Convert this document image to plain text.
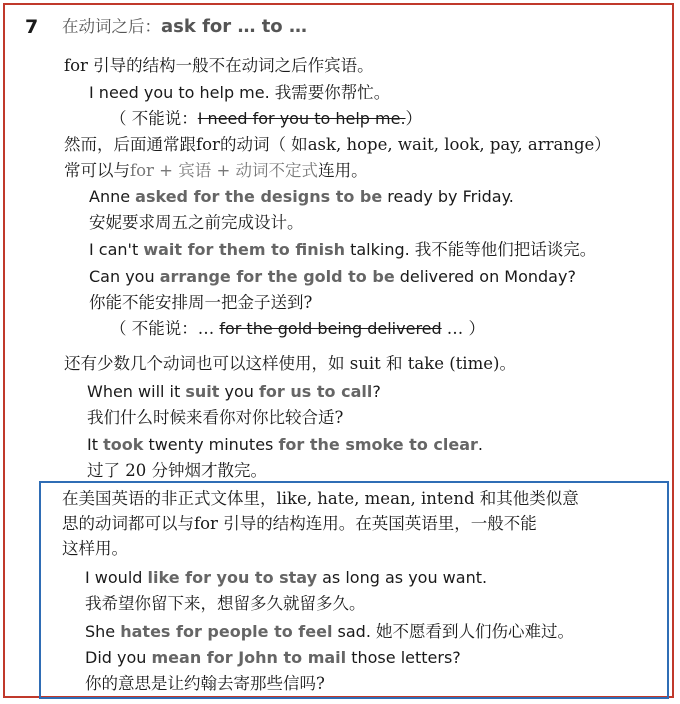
7 在动词之后：ask for … to …
for 引导的结构一般不在动词之后作宾语。
I need you to help me. 我需要你帮忙。
（ 不能说：I need for you to help me.）
然而，后面通常跟for的动词（ 如ask, hope, wait, look, pay, arrange）
常可以与for + 宾语 + 动词不定式连用。
Anne asked for the designs to be ready by Friday.
安妮要求周五之前完成设计。
I can't wait for them to finish talking. 我不能等他们把话谈完。
Can you arrange for the gold to be delivered on Monday?
你能不能安排周一把金子送到?
（ 不能说：… for the gold being delivered … ）
还有少数几个动词也可以这样使用，如 suit 和 take (time)。
When will it suit you for us to call?
我们什么时候来看你对你比较合适?
It took twenty minutes for the smoke to clear.
过了 20 分钟烟才散完。
在美国英语的非正式文体里，like, hate, mean, intend 和其他类似意
思的动词都可以与for 引导的结构连用。在英国英语里，一般不能
这样用。
I would like for you to stay as long as you want.
我希望你留下来，想留多久就留多久。
She hates for people to feel sad. 她不愿看到人们伤心难过。
Did you mean for John to mail those letters?
你的意思是让约翰去寄那些信吗?
